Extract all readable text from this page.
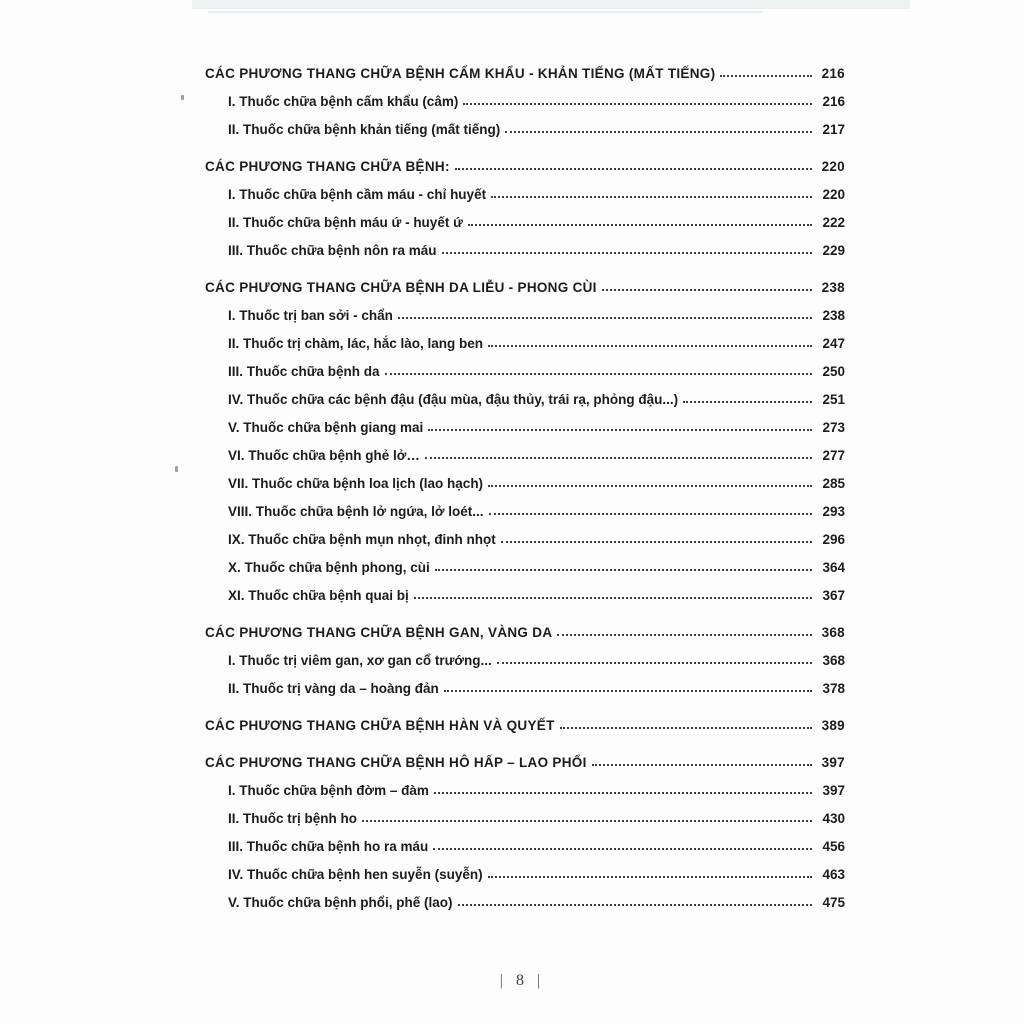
CÁC PHƯƠNG THANG CHỮA BỆNH CẤM KHẨU - KHẢN TIẾNG (MẤT TIẾNG)	216
I. Thuốc chữa bệnh cấm khẩu (câm)	216
II. Thuốc chữa bệnh khản tiếng (mất tiếng)	217
CÁC PHƯƠNG THANG CHỮA BỆNH:	220
I. Thuốc chữa bệnh cầm máu - chỉ huyết	220
II. Thuốc chữa bệnh máu ứ - huyết ứ	222
III. Thuốc chữa bệnh nôn ra máu	229
CÁC PHƯƠNG THANG CHỮA BỆNH DA LIỄU - PHONG CÙI	238
I. Thuốc trị ban sởi - chẩn	238
II. Thuốc trị chàm, lác, hắc lào, lang ben	247
III. Thuốc chữa bệnh da	250
IV. Thuốc chữa các bệnh đậu (đậu mùa, đậu thủy, trái rạ, phỏng đậu...)	251
V. Thuốc chữa bệnh giang mai	273
VI. Thuốc chữa bệnh ghẻ lở…	277
VII. Thuốc chữa bệnh loa lịch (lao hạch)	285
VIII. Thuốc chữa bệnh lở ngứa, lở loét...	293
IX. Thuốc chữa bệnh mụn nhọt, đinh nhọt	296
X. Thuốc chữa bệnh phong, cùi	364
XI. Thuốc chữa bệnh quai bị	367
CÁC PHƯƠNG THANG CHỮA BỆNH GAN, VÀNG DA	368
I. Thuốc trị viêm gan, xơ gan cổ trướng...	368
II. Thuốc trị vàng da – hoàng đản	378
CÁC PHƯƠNG THANG CHỮA BỆNH HÀN VÀ QUYẾT	389
CÁC PHƯƠNG THANG CHỮA BỆNH HÔ HẤP – LAO PHỔI	397
I. Thuốc chữa bệnh đờm – đàm	397
II. Thuốc trị bệnh ho	430
III. Thuốc chữa bệnh ho ra máu	456
IV. Thuốc chữa bệnh hen suyễn (suyễn)	463
V. Thuốc chữa bệnh phổi, phế (lao)	475
| 8 |
